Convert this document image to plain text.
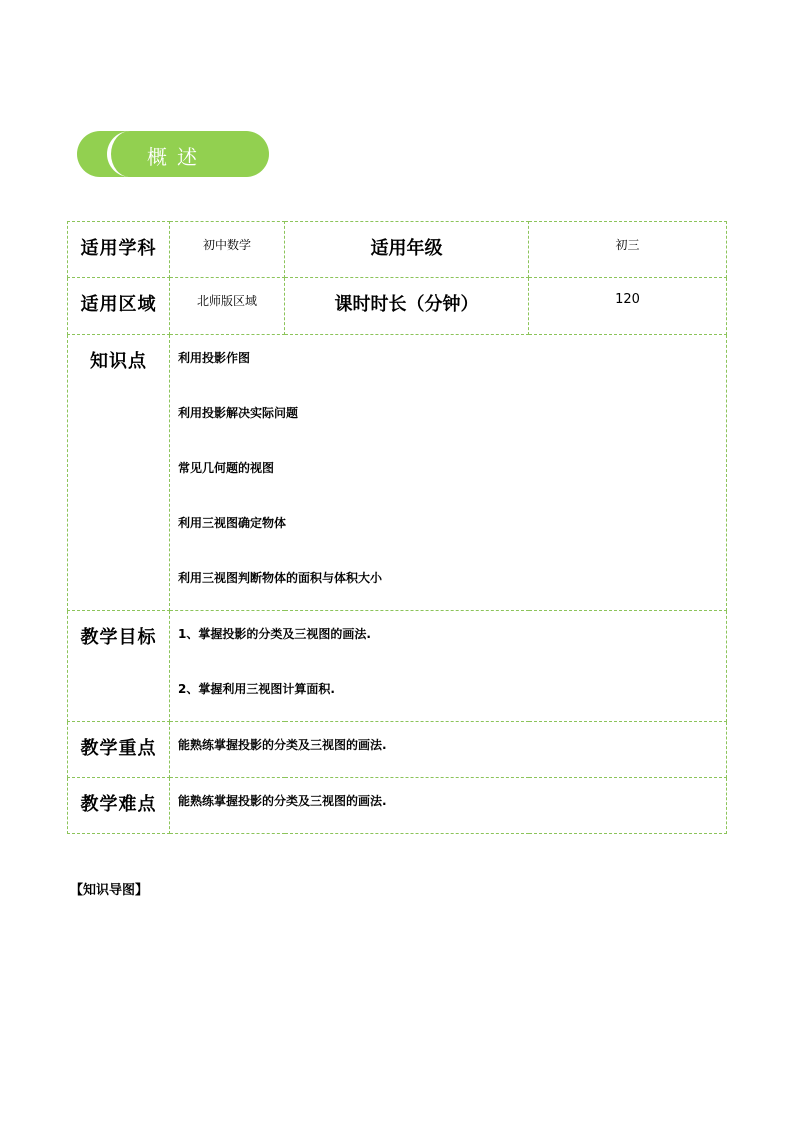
概述
适用学科	初中数学	适用年级	初三
适用区域	北师版区域	课时时长（分钟）	120
知识点	利用投影作图
利用投影解决实际问题
常见几何题的视图
利用三视图确定物体
利用三视图判断物体的面积与体积大小		

教学目标	1、掌握投影的分类及三视图的画法.
2、掌握利用三视图计算面积.		

教学重点	能熟练掌握投影的分类及三视图的画法.		
教学难点	能熟练掌握投影的分类及三视图的画法.		
【知识导图】
